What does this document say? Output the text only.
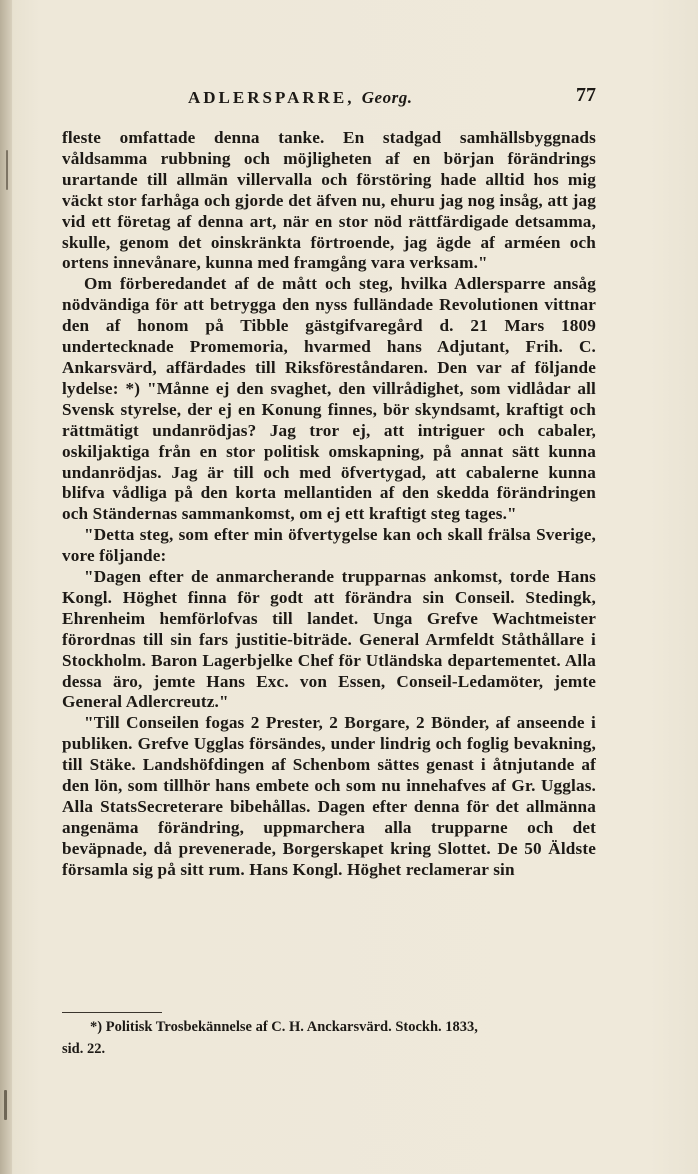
ADLERSPARRE, Georg.	77

fleste omfattade denna tanke. En stadgad samhällsbyggnads våldsamma rubbning och möjligheten af en början förändrings urartande till allmän villervalla och förstöring hade alltid hos mig väckt stor farhåga och gjorde det äfven nu, ehuru jag nog insåg, att jag vid ett företag af denna art, när en stor nöd rättfärdigade detsamma, skulle, genom det oinskränkta förtroende, jag ägde af arméen och ortens innevånare, kunna med framgång vara verksam."

Om förberedandet af de mått och steg, hvilka Adlersparre ansåg nödvändiga för att betrygga den nyss fulländade Revolutionen vittnar den af honom på Tibble gästgifvaregård d. 21 Mars 1809 undertecknade Promemoria, hvarmed hans Adjutant, Frih. C. Ankarsvärd, affärdades till Riksföreståndaren. Den var af följande lydelse: *) "Månne ej den svaghet, den villrådighet, som vidlådar all Svensk styrelse, der ej en Konung finnes, bör skyndsamt, kraftigt och rättmätigt undanrödjas? Jag tror ej, att intriguer och cabaler, oskiljaktiga från en stor politisk omskapning, på annat sätt kunna undanrödjas. Jag är till och med öfvertygad, att cabalerne kunna blifva vådliga på den korta mellantiden af den skedda förändringen och Ständernas sammankomst, om ej ett kraftigt steg tages."

"Detta steg, som efter min öfvertygelse kan och skall frälsa Sverige, vore följande:

"Dagen efter de anmarcherande trupparnas ankomst, torde Hans Kongl. Höghet finna för godt att förändra sin Conseil. Stedingk, Ehrenheim hemförlofvas till landet. Unga Grefve Wachtmeister förordnas till sin fars justitie-biträde. General Armfeldt Ståthållare i Stockholm. Baron Lagerbjelke Chef för Utländska departementet. Alla dessa äro, jemte Hans Exc. von Essen, Conseil-Ledamöter, jemte General Adlercreutz."

"Till Conseilen fogas 2 Prester, 2 Borgare, 2 Bönder, af anseende i publiken. Grefve Ugglas försändes, under lindrig och foglig bevakning, till Stäke. Landshöfdingen af Schenbom sättes genast i åtnjutande af den lön, som tillhör hans embete och som nu innehafves af Gr. Ugglas. Alla StatsSecreterare bibehållas. Dagen efter denna för det allmänna angenäma förändring, uppmarchera alla trupparne och det beväpnade, då prevenerade, Borgerskapet kring Slottet. De 50 Äldste församla sig på sitt rum. Hans Kongl. Höghet reclamerar sin

*) Politisk Trosbekännelse af C. H. Anckarsvärd. Stockh. 1833,
sid. 22.
